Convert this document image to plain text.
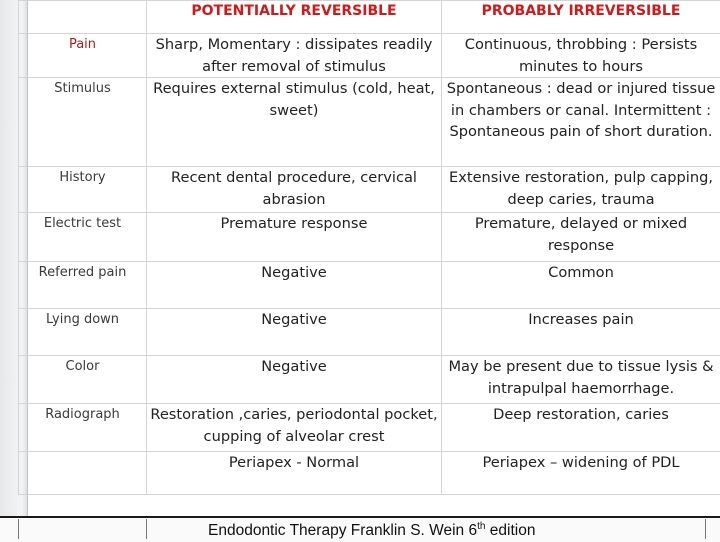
	POTENTIALLY REVERSIBLE	PROBABLY IRREVERSIBLE
Pain	Sharp, Momentary : dissipates readily after removal of stimulus	Continuous, throbbing : Persists minutes to hours
Stimulus	Requires external stimulus (cold, heat, sweet)	Spontaneous : dead or injured tissue in chambers or canal. Intermittent : Spontaneous pain of short duration.
History	Recent dental procedure, cervical abrasion	Extensive restoration, pulp capping, deep caries, trauma
Electric test	Premature response	Premature, delayed or mixed response
Referred pain	Negative	Common
Lying down	Negative	Increases pain
Color	Negative	May be present due to tissue lysis & intrapulpal haemorrhage.
Radiograph	Restoration ,caries, periodontal pocket, cupping of alveolar crest	Deep restoration, caries
	Periapex - Normal	Periapex – widening of PDL
Endodontic Therapy Franklin S. Wein 6th edition
